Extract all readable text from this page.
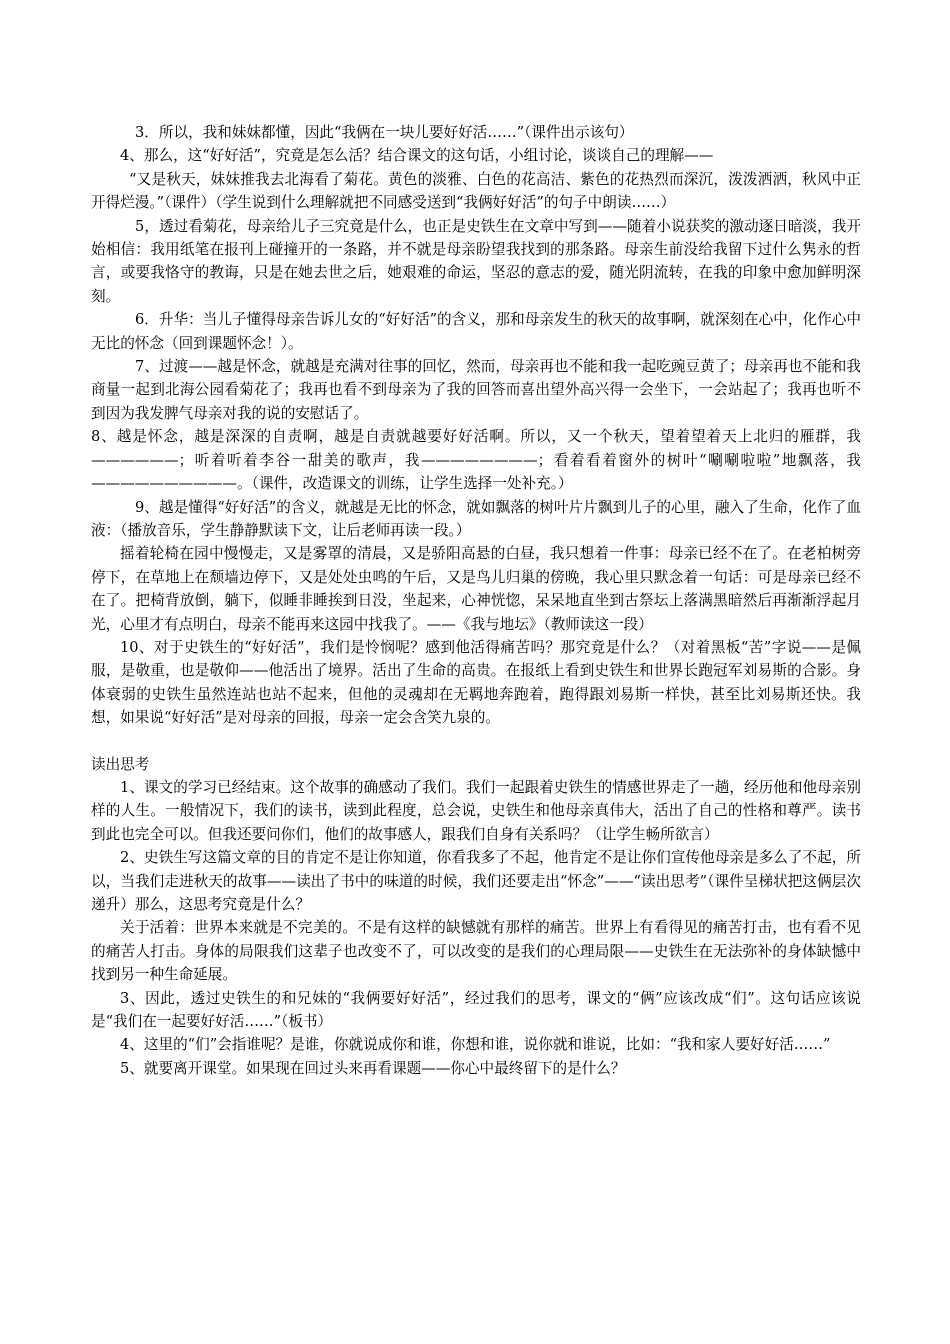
3．所以，我和妹妹都懂，因此“我俩在一块儿要好好活……”（课件出示该句）

4、那么，这“好好活”，究竟是怎么活？结合课文的这句话，小组讨论，谈谈自己的理解——

“又是秋天，妹妹推我去北海看了菊花。黄色的淡雅、白色的花高洁、紫色的花热烈而深沉，泼泼洒洒，秋风中正开得烂漫。”（课件）（学生说到什么理解就把不同感受送到“我俩好好活”的句子中朗读……）

5，透过看菊花，母亲给儿子三究竟是什么，也正是史铁生在文章中写到——随着小说获奖的激动逐日暗淡，我开始相信：我用纸笔在报刊上碰撞开的一条路，并不就是母亲盼望我找到的那条路。母亲生前没给我留下过什么隽永的哲言，或要我恪守的教诲，只是在她去世之后，她艰难的命运，坚忍的意志的爱，随光阴流转，在我的印象中愈加鲜明深刻。

6．升华：当儿子懂得母亲告诉儿女的“好好活”的含义，那和母亲发生的秋天的故事啊，就深刻在心中，化作心中无比的怀念（回到课题怀念！）。

7、过渡——越是怀念，就越是充满对往事的回忆，然而，母亲再也不能和我一起吃豌豆黄了；母亲再也不能和我商量一起到北海公园看菊花了；我再也看不到母亲为了我的回答而喜出望外高兴得一会坐下，一会站起了；我再也听不到因为我发脾气母亲对我的说的安慰话了。

8、越是怀念，越是深深的自责啊，越是自责就越要好好活啊。所以，又一个秋天，望着望着天上北归的雁群，我——————；听着听着李谷一甜美的歌声，我————————；看着看着窗外的树叶“唰唰啦啦”地飘落，我——————————。（课件，改造课文的训练，让学生选择一处补充。）

9、越是懂得“好好活”的含义，就越是无比的怀念，就如飘落的树叶片片飘到儿子的心里，融入了生命，化作了血液：（播放音乐，学生静静默读下文，让后老师再读一段。）

摇着轮椅在园中慢慢走，又是雾罩的清晨，又是骄阳高悬的白昼，我只想着一件事：母亲已经不在了。在老柏树旁停下，在草地上在颓墙边停下，又是处处虫鸣的午后，又是鸟儿归巢的傍晚，我心里只默念着一句话：可是母亲已经不在了。把椅背放倒，躺下，似睡非睡挨到日没，坐起来，心神恍惚，呆呆地直坐到古祭坛上落满黑暗然后再渐渐浮起月光，心里才有点明白，母亲不能再来这园中找我了。——《我与地坛》（教师读这一段）

10、对于史铁生的“好好活”，我们是怜悯呢？感到他活得痛苦吗？那究竟是什么？（对着黑板“苦”字说——是佩服，是敬重，也是敬仰——他活出了境界。活出了生命的高贵。在报纸上看到史铁生和世界长跑冠军刘易斯的合影。身体衰弱的史铁生虽然连站也站不起来，但他的灵魂却在无羁地奔跑着，跑得跟刘易斯一样快，甚至比刘易斯还快。我想，如果说“好好活”是对母亲的回报，母亲一定会含笑九泉的。

读出思考

1、课文的学习已经结束。这个故事的确感动了我们。我们一起跟着史铁生的情感世界走了一趟，经历他和他母亲别样的人生。一般情况下，我们的读书，读到此程度，总会说，史铁生和他母亲真伟大，活出了自己的性格和尊严。读书到此也完全可以。但我还要问你们，他们的故事感人，跟我们自身有关系吗？（让学生畅所欲言）

2、史铁生写这篇文章的目的肯定不是让你知道，你看我多了不起，他肯定不是让你们宣传他母亲是多么了不起，所以，当我们走进秋天的故事——读出了书中的味道的时候，我们还要走出“怀念”——“读出思考”（课件呈梯状把这俩层次递升）那么，这思考究竟是什么？

关于活着：世界本来就是不完美的。不是有这样的缺憾就有那样的痛苦。世界上有看得见的痛苦打击，也有看不见的痛苦人打击。身体的局限我们这辈子也改变不了，可以改变的是我们的心理局限——史铁生在无法弥补的身体缺憾中找到另一种生命延展。

3、因此，透过史铁生的和兄妹的“我俩要好好活”，经过我们的思考，课文的“俩”应该改成“们”。这句话应该说是“我们在一起要好好活……”（板书）

4、这里的“们”会指谁呢？是谁，你就说成你和谁，你想和谁，说你就和谁说，比如：“我和家人要好好活……”

5、就要离开课堂。如果现在回过头来再看课题——你心中最终留下的是什么？
